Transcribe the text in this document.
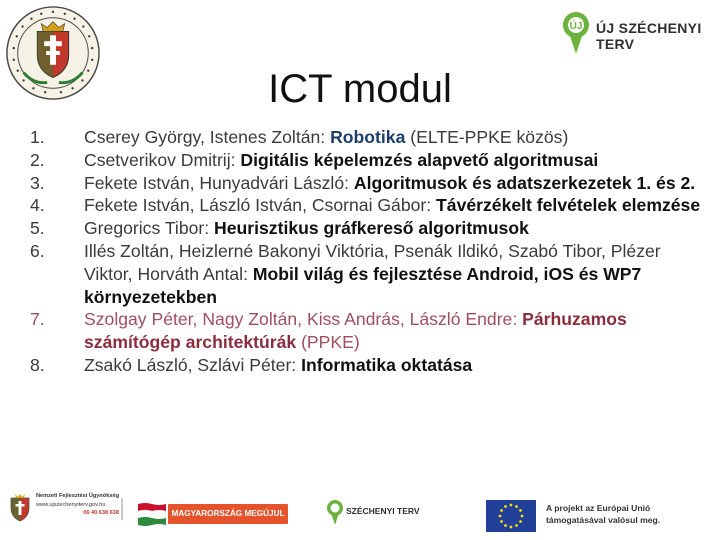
ÚJ ÚJ SZÉCHENYI TERV
ICT modul
1.	Cserey György, Istenes Zoltán: Robotika (ELTE-PPKE közös)
2.	Csetverikov Dmitrij: Digitális képelemzés alapvető algoritmusai
3.	Fekete István, Hunyadvári László: Algoritmusok és adatszerkezetek 1. és 2.
4.	Fekete István, László István, Csornai Gábor: Távérzékelt felvételek elemzése
5.	Gregorics Tibor: Heurisztikus gráfkereső algoritmusok
6.	Illés Zoltán, Heizlerné Bakonyi Viktória, Psenák Ildikó, Szabó Tibor, Plézer Viktor, Horváth Antal: Mobil világ és fejlesztése Android, iOS és WP7 környezetekben
7.	Szolgay Péter, Nagy Zoltán, Kiss András, László Endre: Párhuzamos számítógép architektúrák (PPKE)
8.	Zsakó László, Szlávi Péter: Informatika oktatása
Nemzeti Fejlesztési Ügynökség
www.ujszechenyiterv.gov.hu
06 40 638 638	MAGYARORSZÁG MEGÚJUL	SZÉCHENYI TERV	A projekt az Európai Unió
támogatásával valósul meg.
